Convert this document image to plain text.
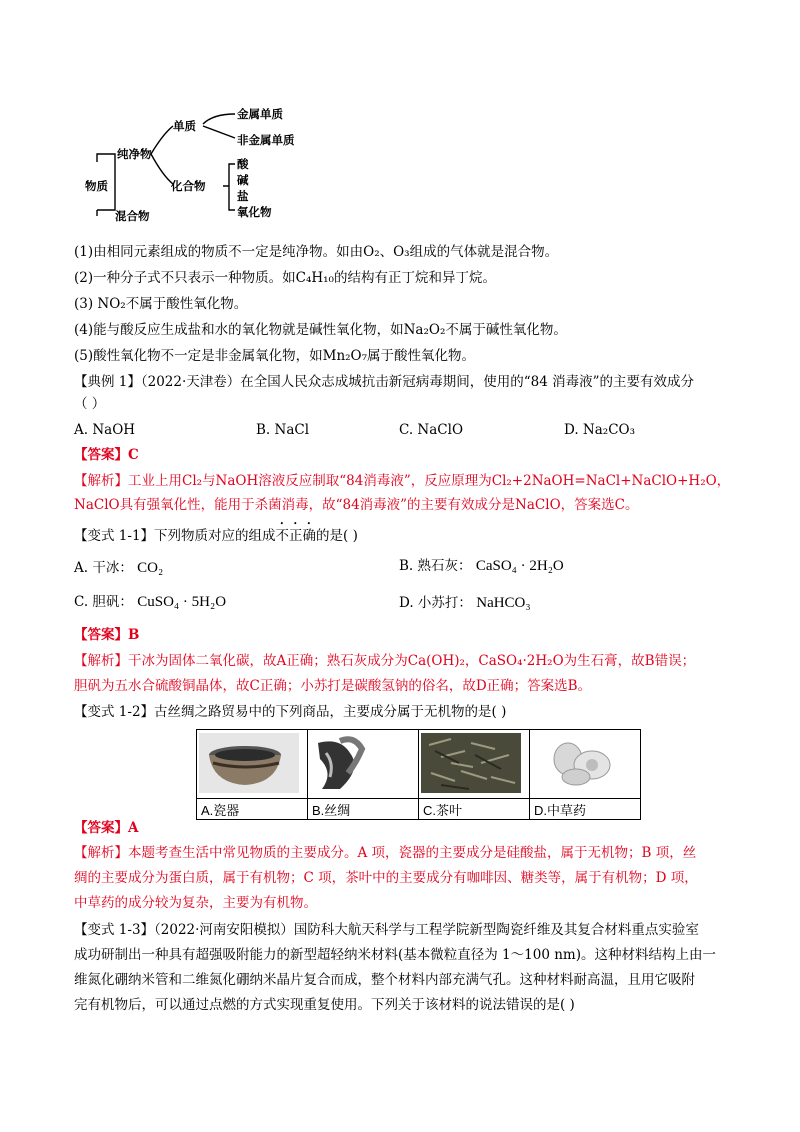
物质
纯净物
混合物
单质
化合物
金属单质
非金属单质
酸
碱
盐
氧化物
(1)由相同元素组成的物质不一定是纯净物。如由O₂、O₃组成的气体就是混合物。
(2)一种分子式不只表示一种物质。如C₄H₁₀的结构有正丁烷和异丁烷。
(3) NO₂不属于酸性氧化物。
(4)能与酸反应生成盐和水的氧化物就是碱性氧化物，如Na₂O₂不属于碱性氧化物。
(5)酸性氧化物不一定是非金属氧化物，如Mn₂O₇属于酸性氧化物。
【典例 1】（2022·天津卷）在全国人民众志成城抗击新冠病毒期间，使用的“84 消毒液”的主要有效成分
（ ）
A. NaOH	B. NaCl	C. NaClO	D. Na₂CO₃
【答案】C
【解析】工业上用Cl₂与NaOH溶液反应制取“84消毒液”，反应原理为Cl₂+2NaOH=NaCl+NaClO+H₂O，
NaClO具有强氧化性，能用于杀菌消毒，故“84消毒液”的主要有效成分是NaClO，答案选C。
【变式 1-1】下列物质对应的组成不正确的是( )
A. 干冰： CO₂	B. 熟石灰： CaSO₄ · 2H₂O
C. 胆矾： CuSO₄ · 5H₂O	D. 小苏打： NaHCO₃
【答案】B
【解析】干冰为固体二氧化碳，故A正确；熟石灰成分为Ca(OH)₂，CaSO₄·2H₂O为生石膏，故B错误；
胆矾为五水合硫酸铜晶体，故C正确；小苏打是碳酸氢钠的俗名，故D正确；答案选B。
【变式 1-2】古丝绸之路贸易中的下列商品，主要成分属于无机物的是( )

A.瓷器	B.丝绸	C.茶叶	D.中草药
【答案】A
【解析】本题考查生活中常见物质的主要成分。A 项，瓷器的主要成分是硅酸盐，属于无机物；B 项，丝
绸的主要成分为蛋白质，属于有机物；C 项，茶叶中的主要成分有咖啡因、糖类等，属于有机物；D 项，
中草药的成分较为复杂，主要为有机物。
【变式 1-3】（2022·河南安阳模拟）国防科大航天科学与工程学院新型陶瓷纤维及其复合材料重点实验室
成功研制出一种具有超强吸附能力的新型超轻纳米材料(基本微粒直径为 1～100 nm)。这种材料结构上由一
维氮化硼纳米管和二维氮化硼纳米晶片复合而成，整个材料内部充满气孔。这种材料耐高温，且用它吸附
完有机物后，可以通过点燃的方式实现重复使用。下列关于该材料的说法错误的是( )
